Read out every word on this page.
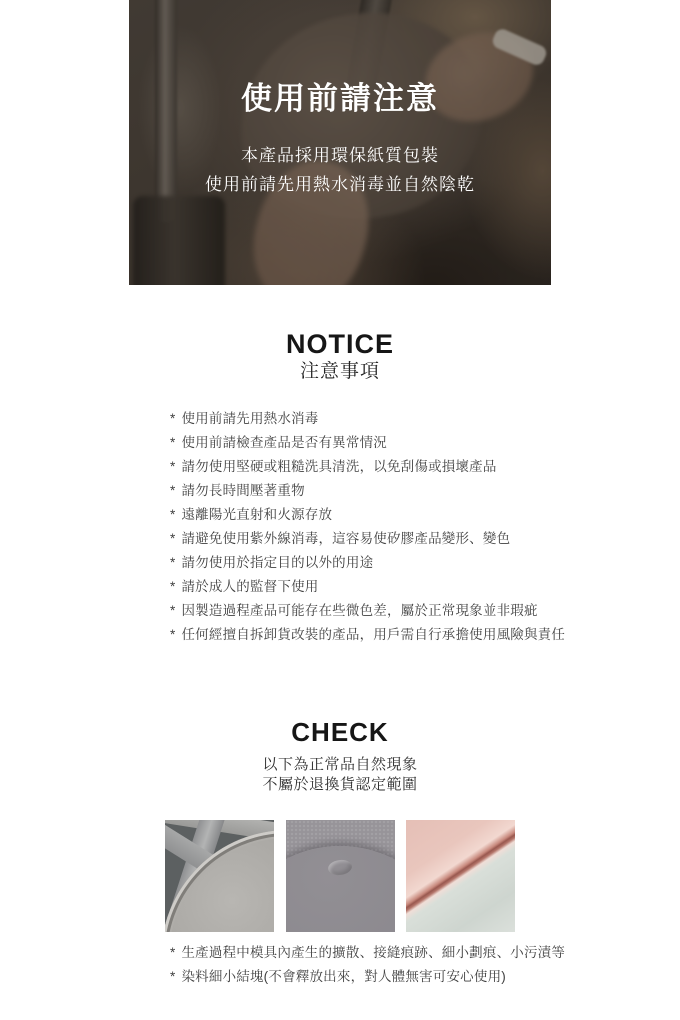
使用前請注意

本產品採用環保紙質包裝

使用前請先用熱水消毒並自然陰乾

NOTICE

注意事項

* 使用前請先用熱水消毒
* 使用前請檢查產品是否有異常情況
* 請勿使用堅硬或粗糙洗具清洗，以免刮傷或損壞產品
* 請勿長時間壓著重物
* 遠離陽光直射和火源存放
* 請避免使用紫外線消毒，這容易使矽膠產品變形、變色
* 請勿使用於指定目的以外的用途
* 請於成人的監督下使用
* 因製造過程產品可能存在些微色差，屬於正常現象並非瑕疵
* 任何經擅自拆卸貨改裝的產品，用戶需自行承擔使用風險與責任
CHECK

以下為正常品自然現象

不屬於退換貨認定範圍

* 生產過程中模具內產生的擴散、接縫痕跡、細小劃痕、小污漬等
* 染料細小結塊(不會釋放出來，對人體無害可安心使用)
